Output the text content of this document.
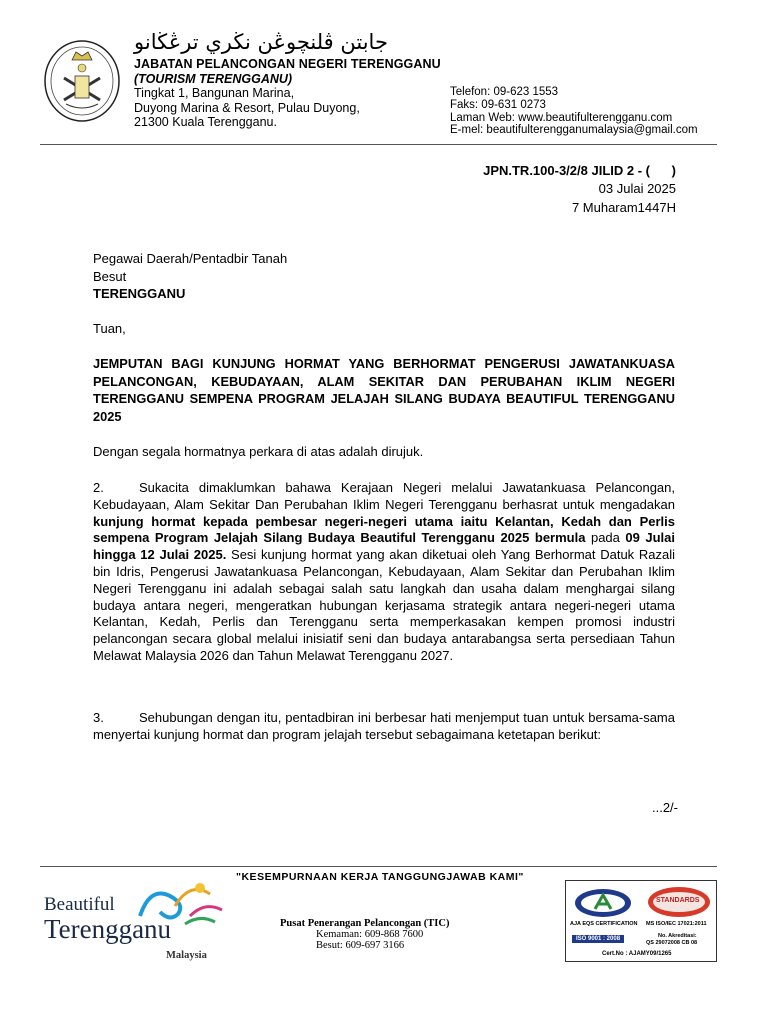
جابتن ڤلنچوڠن نڬري ترڠڬانو
JABATAN PELANCONGAN NEGERI TERENGGANU
(TOURISM TERENGGANU)
Tingkat 1, Bangunan Marina,
Duyong Marina & Resort, Pulau Duyong,
21300 Kuala Terengganu.
Telefon: 09-623 1553
Faks: 09-631 0273
Laman Web: www.beautifulterengganu.com
E-mel: beautifulterengganumalaysia@gmail.com
JPN.TR.100-3/2/8 JILID 2 - (      )
03 Julai 2025
7 Muharam1447H
Pegawai Daerah/Pentadbir Tanah
Besut
TERENGGANU
Tuan,
JEMPUTAN BAGI KUNJUNG HORMAT YANG BERHORMAT PENGERUSI JAWATANKUASA PELANCONGAN, KEBUDAYAAN, ALAM SEKITAR DAN PERUBAHAN IKLIM NEGERI TERENGGANU SEMPENA PROGRAM JELAJAH SILANG BUDAYA BEAUTIFUL TERENGGANU 2025
Dengan segala hormatnya perkara di atas adalah dirujuk.
2.	Sukacita dimaklumkan bahawa Kerajaan Negeri melalui Jawatankuasa Pelancongan, Kebudayaan, Alam Sekitar Dan Perubahan Iklim Negeri Terengganu berhasrat untuk mengadakan kunjung hormat kepada pembesar negeri-negeri utama iaitu Kelantan, Kedah dan Perlis sempena Program Jelajah Silang Budaya Beautiful Terengganu 2025 bermula pada 09 Julai hingga 12 Julai 2025. Sesi kunjung hormat yang akan diketuai oleh Yang Berhormat Datuk Razali bin Idris, Pengerusi Jawatankuasa Pelancongan, Kebudayaan, Alam Sekitar dan Perubahan Iklim Negeri Terengganu ini adalah sebagai salah satu langkah dan usaha dalam menghargai silang budaya antara negeri, mengeratkan hubungan kerjasama strategik antara negeri-negeri utama Kelantan, Kedah, Perlis dan Terengganu serta memperkasakan kempen promosi industri pelancongan secara global melalui inisiatif seni dan budaya antarabangsa serta persediaan Tahun Melawat Malaysia 2026 dan Tahun Melawat Terengganu 2027.
3.	Sehubungan dengan itu, pentadbiran ini berbesar hati menjemput tuan untuk bersama-sama menyertai kunjung hormat dan program jelajah tersebut sebagaimana ketetapan berikut:
...2/-
"KESEMPURNAAN KERJA TANGGUNGJAWAB KAMI"
Beautiful
Terengganu
Malaysia
Pusat Penerangan Pelancongan (TIC)
Kemaman: 609-868 7600
Besut: 609-697 3166
AJA EQS CERTIFICATION
ISO 9001 : 2008
STANDARDS
MS ISO/IEC 17021:2011
No. Akreditasi:
QS 29072008 CB 08
Cert.No : AJAMY09/1265
